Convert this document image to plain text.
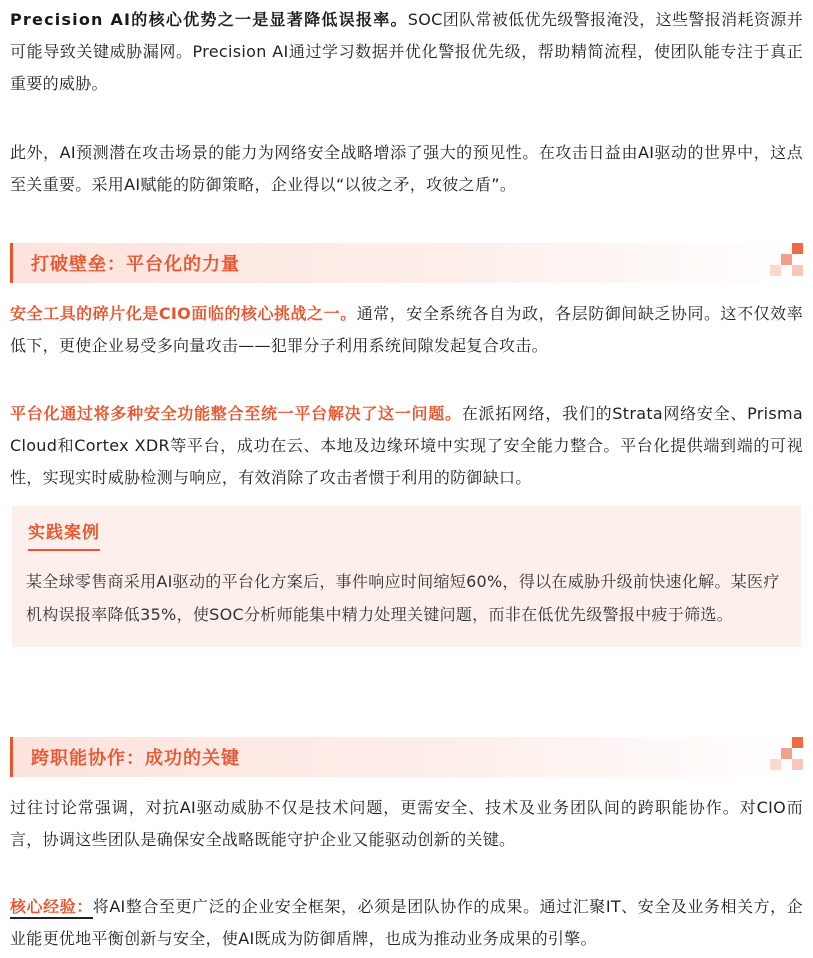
Precision AI的核心优势之一是显著降低误报率。SOC团队常被低优先级警报淹没，这些警报消耗资源并可能导致关键威胁漏网。Precision AI通过学习数据并优化警报优先级，帮助精简流程，使团队能专注于真正重要的威胁。

此外，AI预测潜在攻击场景的能力为网络安全战略增添了强大的预见性。在攻击日益由AI驱动的世界中，这点至关重要。采用AI赋能的防御策略，企业得以“以彼之矛，攻彼之盾”。

打破壁垒：平台化的力量

安全工具的碎片化是CIO面临的核心挑战之一。通常，安全系统各自为政，各层防御间缺乏协同。这不仅效率低下，更使企业易受多向量攻击——犯罪分子利用系统间隙发起复合攻击。

平台化通过将多种安全功能整合至统一平台解决了这一问题。在派拓网络，我们的Strata网络安全、Prisma Cloud和Cortex XDR等平台，成功在云、本地及边缘环境中实现了安全能力整合。平台化提供端到端的可视性，实现实时威胁检测与响应，有效消除了攻击者惯于利用的防御缺口。

实践案例

某全球零售商采用AI驱动的平台化方案后，事件响应时间缩短60%，得以在威胁升级前快速化解。某医疗机构误报率降低35%，使SOC分析师能集中精力处理关键问题，而非在低优先级警报中疲于筛选。

跨职能协作：成功的关键

过往讨论常强调，对抗AI驱动威胁不仅是技术问题，更需安全、技术及业务团队间的跨职能协作。对CIO而言，协调这些团队是确保安全战略既能守护企业又能驱动创新的关键。

核心经验：将AI整合至更广泛的企业安全框架，必须是团队协作的成果。通过汇聚IT、安全及业务相关方，企业能更优地平衡创新与安全，使AI既成为防御盾牌，也成为推动业务成果的引擎。
